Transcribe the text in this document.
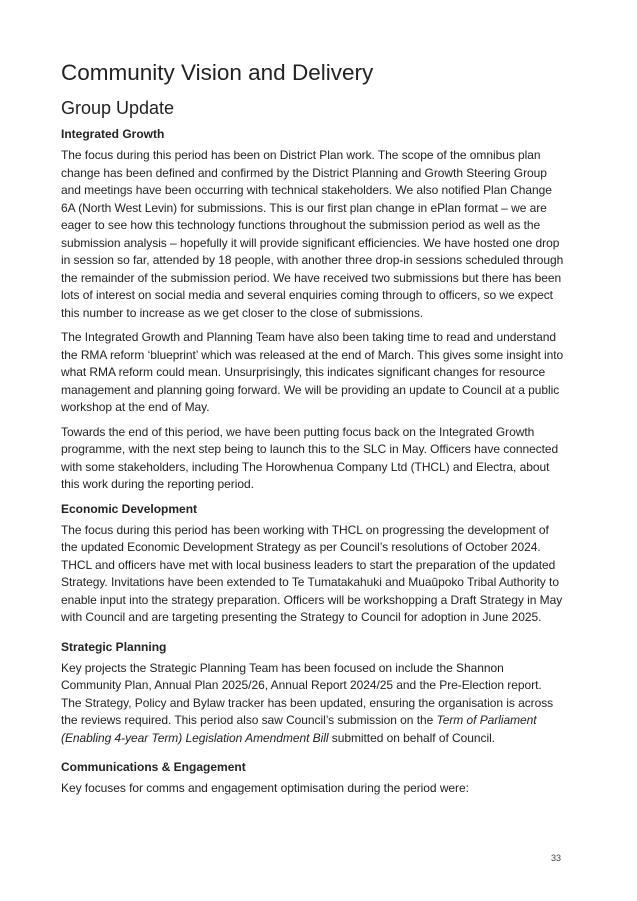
Community Vision and Delivery
Group Update
Integrated Growth

The focus during this period has been on District Plan work. The scope of the omnibus plan change has been defined and confirmed by the District Planning and Growth Steering Group and meetings have been occurring with technical stakeholders. We also notified Plan Change 6A (North West Levin) for submissions. This is our first plan change in ePlan format – we are eager to see how this technology functions throughout the submission period as well as the submission analysis – hopefully it will provide significant efficiencies. We have hosted one drop in session so far, attended by 18 people, with another three drop-in sessions scheduled through the remainder of the submission period. We have received two submissions but there has been lots of interest on social media and several enquiries coming through to officers, so we expect this number to increase as we get closer to the close of submissions.

The Integrated Growth and Planning Team have also been taking time to read and understand the RMA reform ‘blueprint’ which was released at the end of March. This gives some insight into what RMA reform could mean. Unsurprisingly, this indicates significant changes for resource management and planning going forward. We will be providing an update to Council at a public workshop at the end of May.

Towards the end of this period, we have been putting focus back on the Integrated Growth programme, with the next step being to launch this to the SLC in May. Officers have connected with some stakeholders, including The Horowhenua Company Ltd (THCL) and Electra, about this work during the reporting period.

Economic Development

The focus during this period has been working with THCL on progressing the development of the updated Economic Development Strategy as per Council’s resolutions of October 2024. THCL and officers have met with local business leaders to start the preparation of the updated Strategy. Invitations have been extended to Te Tumatakahuki and Muaūpoko Tribal Authority to enable input into the strategy preparation. Officers will be workshopping a Draft Strategy in May with Council and are targeting presenting the Strategy to Council for adoption in June 2025.

Strategic Planning

Key projects the Strategic Planning Team has been focused on include the Shannon Community Plan, Annual Plan 2025/26, Annual Report 2024/25 and the Pre-Election report. The Strategy, Policy and Bylaw tracker has been updated, ensuring the organisation is across the reviews required. This period also saw Council’s submission on the Term of Parliament (Enabling 4-year Term) Legislation Amendment Bill submitted on behalf of Council.

Communications & Engagement

Key focuses for comms and engagement optimisation during the period were:

33
